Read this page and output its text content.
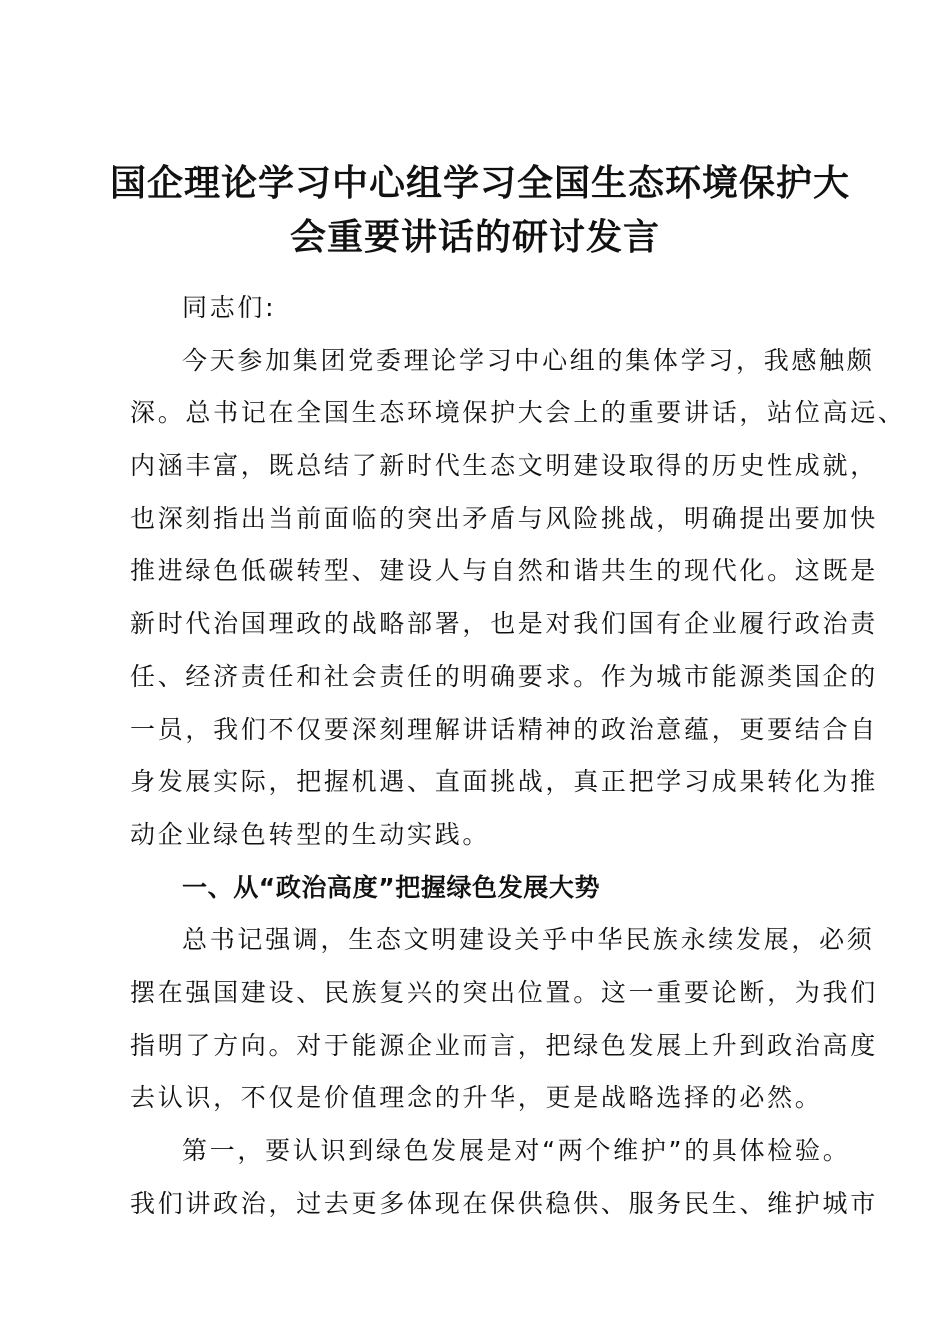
国企理论学习中心组学习全国生态环境保护大
会重要讲话的研讨发言
同志们:
今天参加集团党委理论学习中心组的集体学习，我感触颇
深。总书记在全国生态环境保护大会上的重要讲话，站位高远、
内涵丰富，既总结了新时代生态文明建设取得的历史性成就，
也深刻指出当前面临的突出矛盾与风险挑战，明确提出要加快
推进绿色低碳转型、建设人与自然和谐共生的现代化。这既是
新时代治国理政的战略部署，也是对我们国有企业履行政治责
任、经济责任和社会责任的明确要求。作为城市能源类国企的
一员，我们不仅要深刻理解讲话精神的政治意蕴，更要结合自
身发展实际，把握机遇、直面挑战，真正把学习成果转化为推
动企业绿色转型的生动实践。
一、从“政治高度”把握绿色发展大势
总书记强调，生态文明建设关乎中华民族永续发展，必须
摆在强国建设、民族复兴的突出位置。这一重要论断，为我们
指明了方向。对于能源企业而言，把绿色发展上升到政治高度
去认识，不仅是价值理念的升华，更是战略选择的必然。
第一，要认识到绿色发展是对“两个维护”的具体检验。
我们讲政治，过去更多体现在保供稳供、服务民生、维护城市
